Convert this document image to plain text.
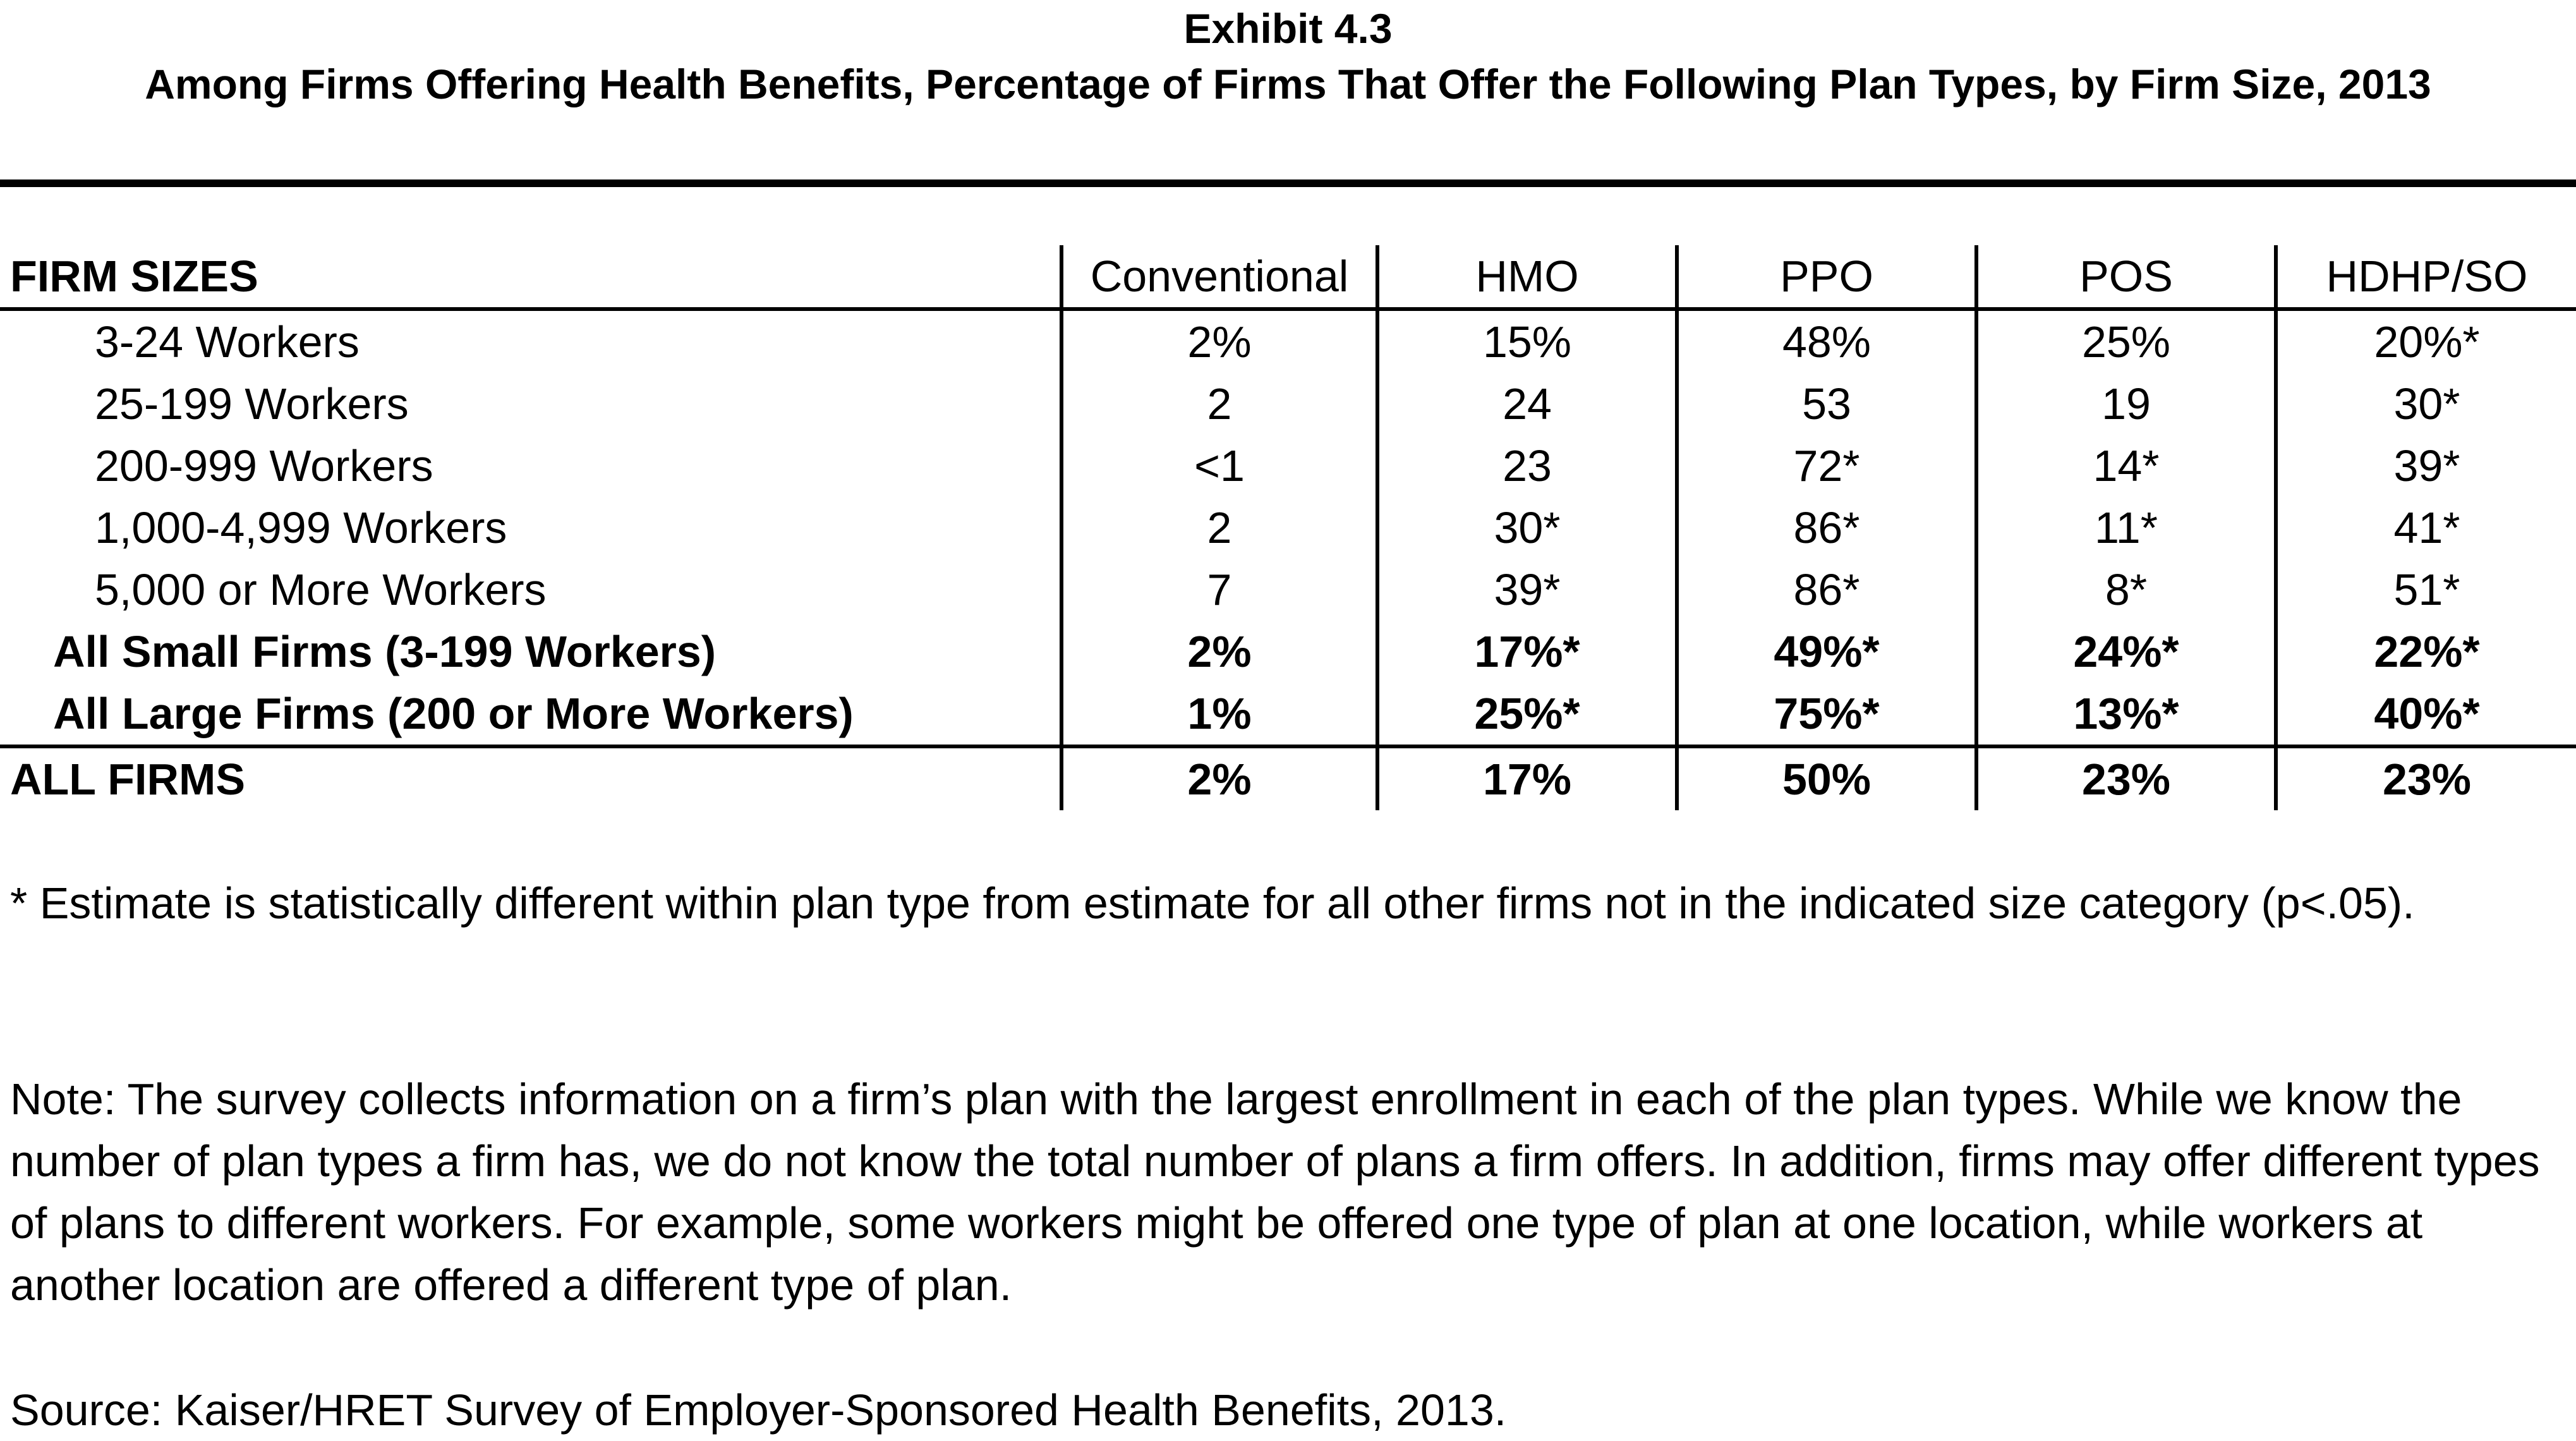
Exhibit 4.3
Among Firms Offering Health Benefits, Percentage of Firms That Offer the Following Plan Types, by Firm Size, 2013
FIRM SIZES	Conventional	HMO	PPO	POS	HDHP/SO
3-24 Workers	2%	15%	48%	25%	20%*
25-199 Workers	2	24	53	19	30*
200-999 Workers	<1	23	72*	14*	39*
1,000-4,999 Workers	2	30*	86*	11*	41*
5,000 or More Workers	7	39*	86*	8*	51*
All Small Firms (3-199 Workers)	2%	17%*	49%*	24%*	22%*
All Large Firms (200 or More Workers)	1%	25%*	75%*	13%*	40%*
ALL FIRMS	2%	17%	50%	23%	23%
* Estimate is statistically different within plan type from estimate for all other firms not in the indicated size category (p<.05).
Note: The survey collects information on a firm’s plan with the largest enrollment in each of the plan types. While we know the number of plan types a firm has, we do not know the total number of plans a firm offers. In addition, firms may offer different types of plans to different workers. For example, some workers might be offered one type of plan at one location, while workers at another location are offered a different type of plan.
Source: Kaiser/HRET Survey of Employer-Sponsored Health Benefits, 2013.
